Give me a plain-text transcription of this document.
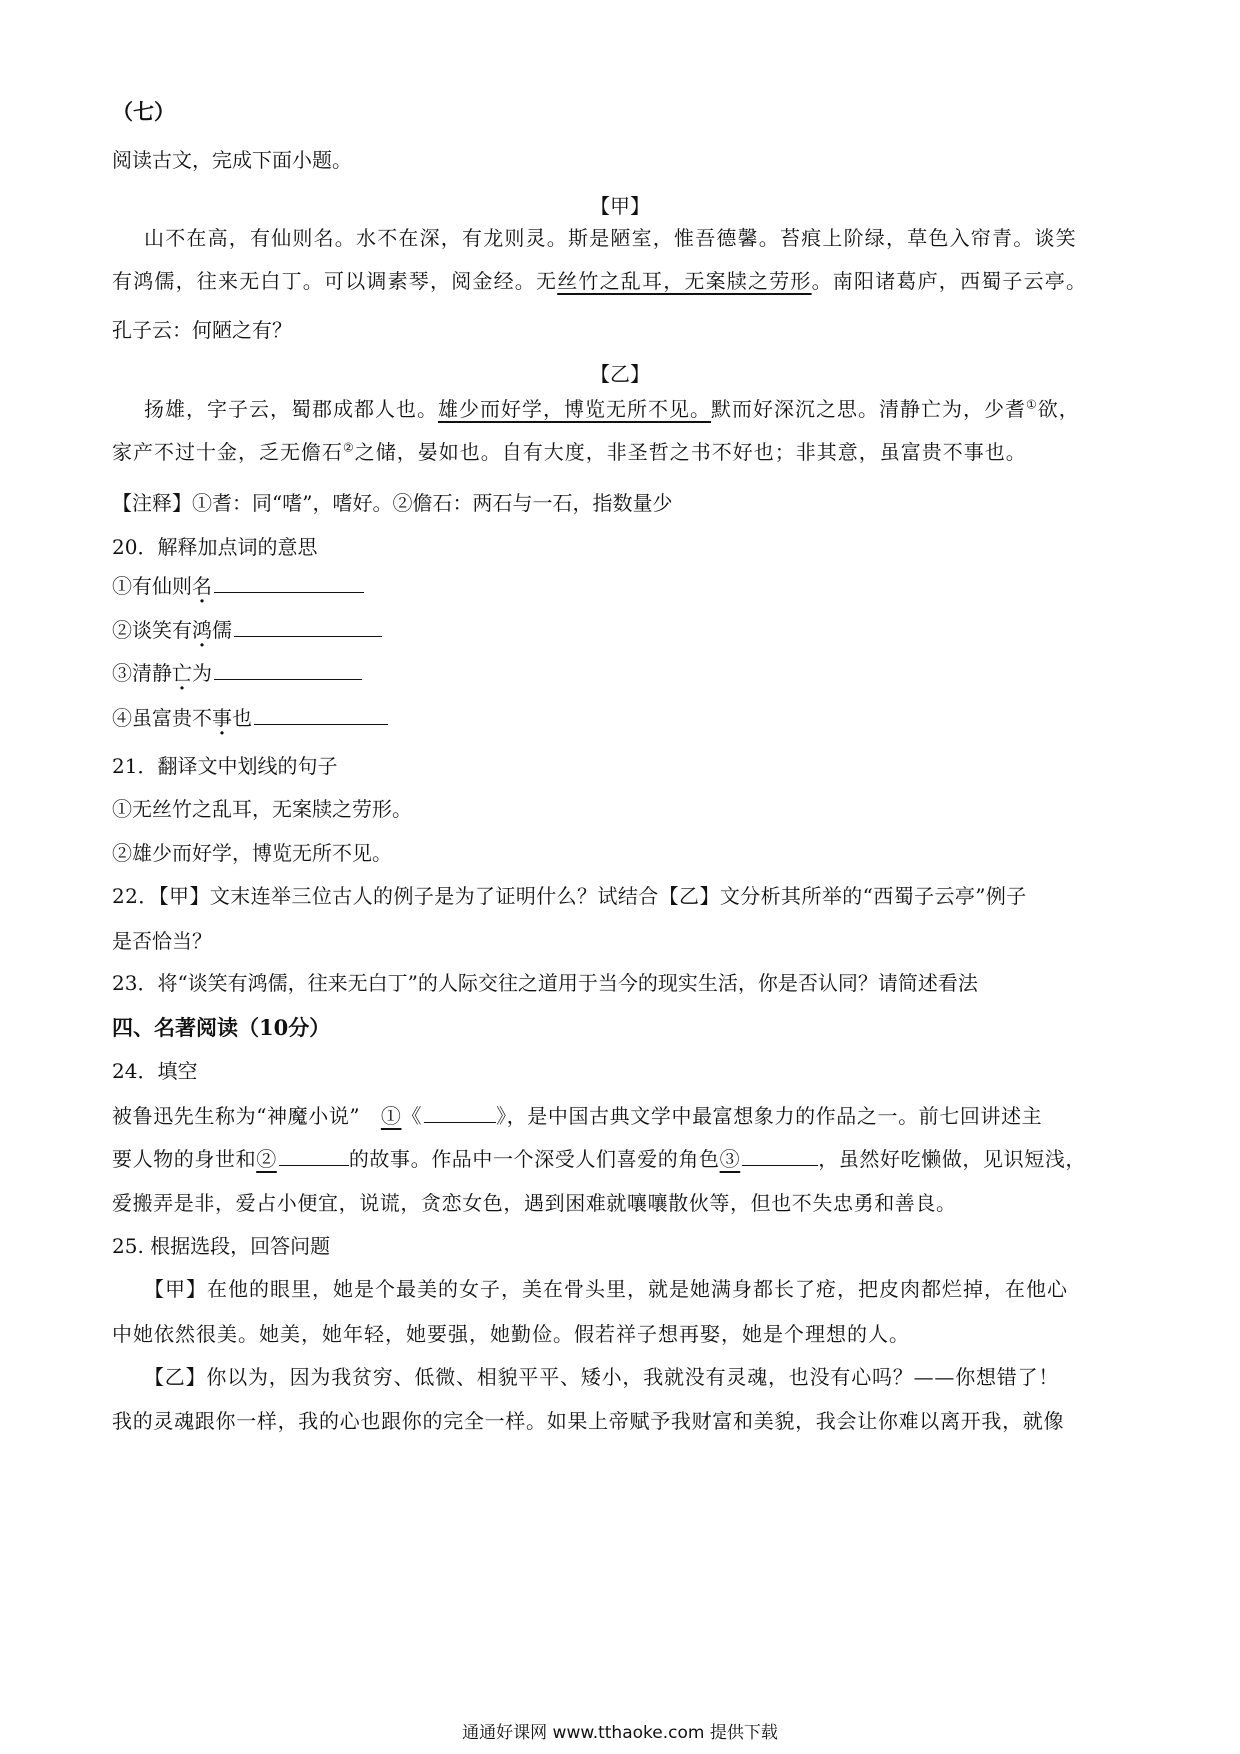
（七）
阅读古文，完成下面小题。
【甲】
山不在高，有仙则名。水不在深，有龙则灵。斯是陋室，惟吾德馨。苔痕上阶绿，草色入帘青。谈笑
有鸿儒，往来无白丁。可以调素琴，阅金经。无丝竹之乱耳，无案牍之劳形。南阳诸葛庐，西蜀子云亭。
孔子云：何陋之有？
【乙】
扬雄，字子云，蜀郡成都人也。雄少而好学，博览无所不见。默而好深沉之思。清静亡为，少耆①欲，
家产不过十金，乏无儋石②之储，晏如也。自有大度，非圣哲之书不好也；非其意，虽富贵不事也。
【注释】①耆：同“嗜”，嗜好。②儋石：两石与一石，指数量少
20．解释加点词的意思
①有仙则名
②谈笑有鸿儒
③清静亡为
④虽富贵不事也
21．翻译文中划线的句子
①无丝竹之乱耳，无案牍之劳形。
②雄少而好学，博览无所不见。
22．【甲】文末连举三位古人的例子是为了证明什么？试结合【乙】文分析其所举的“西蜀子云亭”例子
是否恰当？
23．将“谈笑有鸿儒，往来无白丁”的人际交往之道用于当今的现实生活，你是否认同？请简述看法
四、名著阅读（10分）
24．填空
被鲁迅先生称为“神魔小说”　①《	》，是中国古典文学中最富想象力的作品之一。前七回讲述主
要人物的身世和②	的故事。作品中一个深受人们喜爱的角色③	，虽然好吃懒做，见识短浅，
爱搬弄是非，爱占小便宜，说谎，贪恋女色，遇到困难就嚷嚷散伙等，但也不失忠勇和善良。
25. 根据选段，回答问题
【甲】在他的眼里，她是个最美的女子，美在骨头里，就是她满身都长了疮，把皮肉都烂掉，在他心
中她依然很美。她美，她年轻，她要强，她勤俭。假若祥子想再娶，她是个理想的人。
【乙】你以为，因为我贫穷、低微、相貌平平、矮小，我就没有灵魂，也没有心吗？——你想错了！
我的灵魂跟你一样，我的心也跟你的完全一样。如果上帝赋予我财富和美貌，我会让你难以离开我，就像
通通好课网 www.tthaoke.com 提供下载
